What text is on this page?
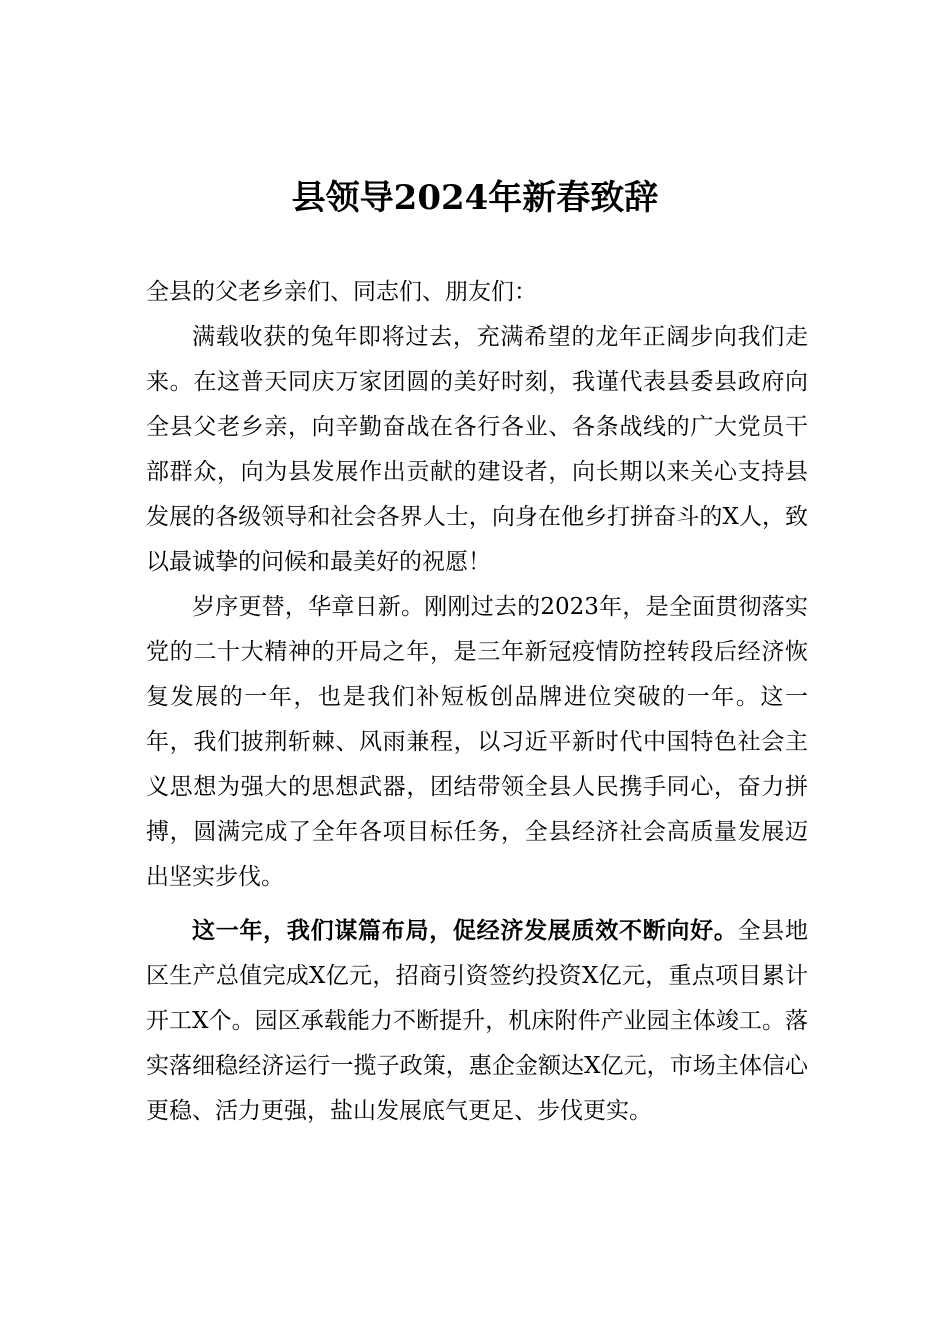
县领导2024年新春致辞

全县的父老乡亲们、同志们、朋友们：

满载收获的兔年即将过去，充满希望的龙年正阔步向我们走来。在这普天同庆万家团圆的美好时刻，我谨代表县委县政府向全县父老乡亲，向辛勤奋战在各行各业、各条战线的广大党员干部群众，向为县发展作出贡献的建设者，向长期以来关心支持县发展的各级领导和社会各界人士，向身在他乡打拼奋斗的X人，致以最诚挚的问候和最美好的祝愿！

岁序更替，华章日新。刚刚过去的2023年，是全面贯彻落实党的二十大精神的开局之年，是三年新冠疫情防控转段后经济恢复发展的一年，也是我们补短板创品牌进位突破的一年。这一年，我们披荆斩棘、风雨兼程，以习近平新时代中国特色社会主义思想为强大的思想武器，团结带领全县人民携手同心，奋力拼搏，圆满完成了全年各项目标任务，全县经济社会高质量发展迈出坚实步伐。

这一年，我们谋篇布局，促经济发展质效不断向好。全县地区生产总值完成X亿元，招商引资签约投资X亿元，重点项目累计开工X个。园区承载能力不断提升，机床附件产业园主体竣工。落实落细稳经济运行一揽子政策，惠企金额达X亿元，市场主体信心更稳、活力更强，盐山发展底气更足、步伐更实。
